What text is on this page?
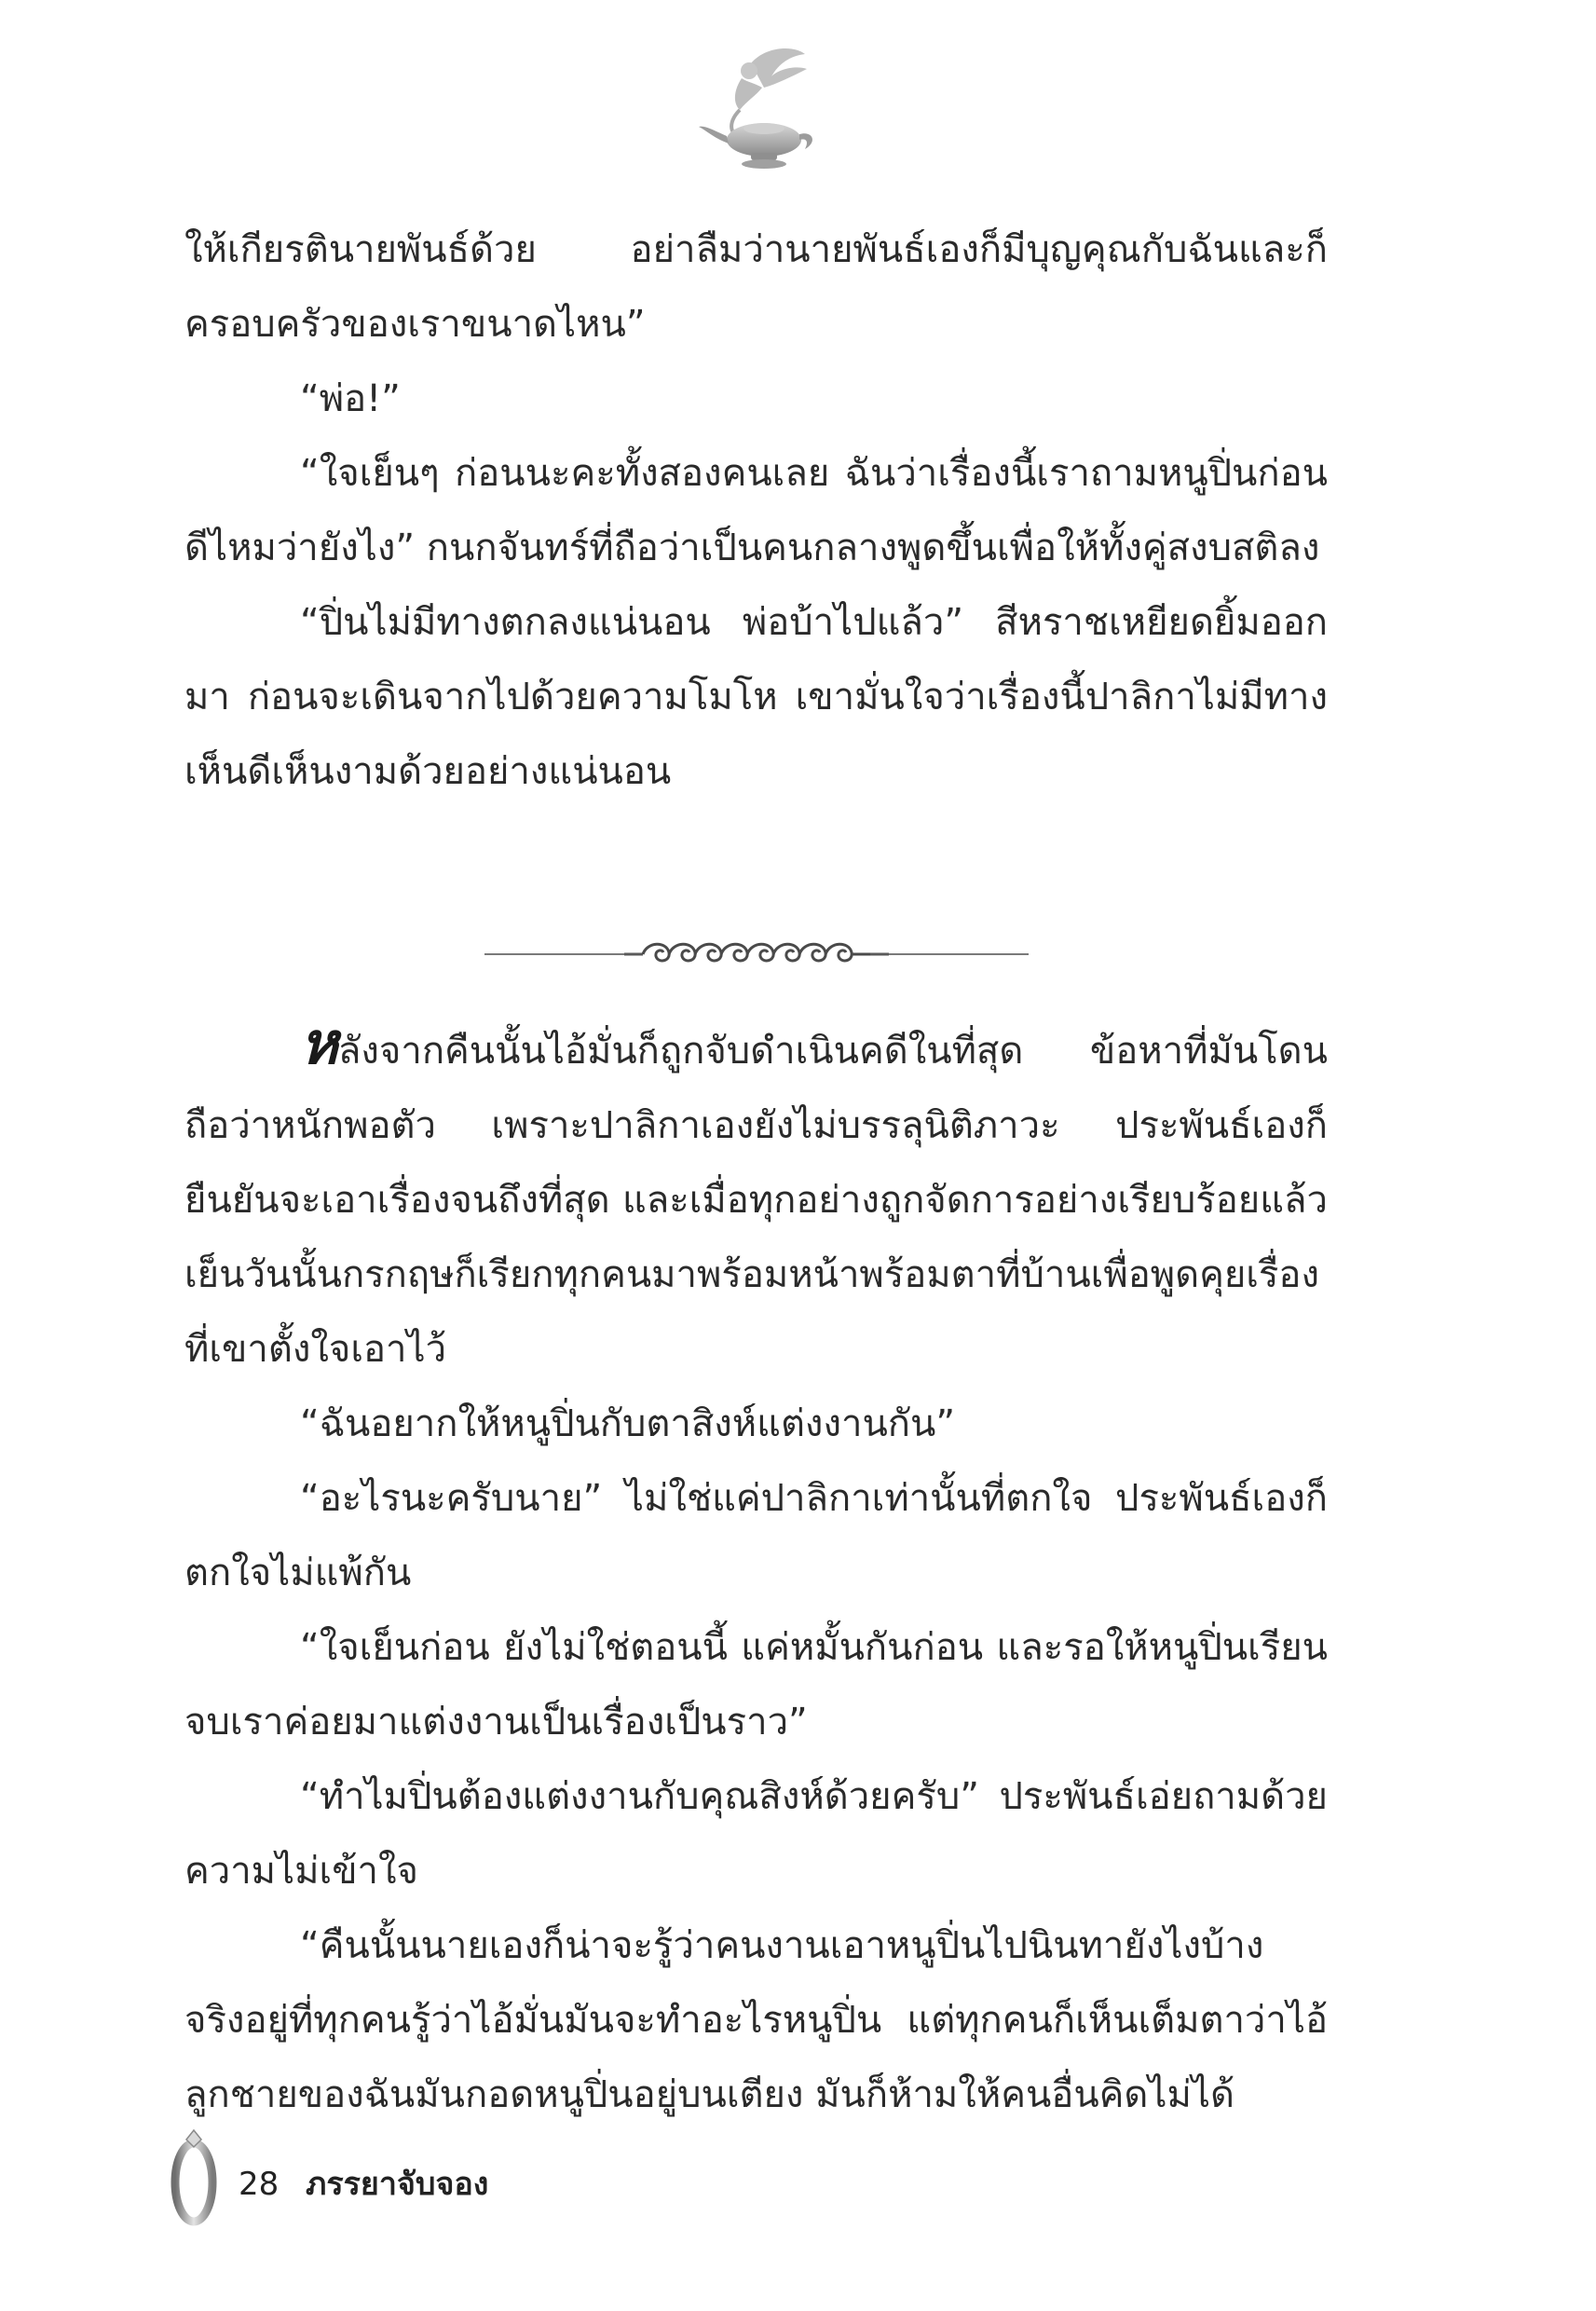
ให้เกียรตินายพันธ์ด้วย อย่าลืมว่านายพันธ์เองก็มีบุญคุณกับฉันและก็ครอบครัวของเราขนาดไหน”

“พ่อ!”

“ใจเย็นๆ ก่อนนะคะทั้งสองคนเลย ฉันว่าเรื่องนี้เราถามหนูปิ่นก่อนดีไหมว่ายังไง” กนกจันทร์ที่ถือว่าเป็นคนกลางพูดขึ้นเพื่อให้ทั้งคู่สงบสติลง

“ปิ่นไม่มีทางตกลงแน่นอน พ่อบ้าไปแล้ว” สีหราชเหยียดยิ้มออกมา ก่อนจะเดินจากไปด้วยความโมโห เขามั่นใจว่าเรื่องนี้ปาลิกาไม่มีทางเห็นดีเห็นงามด้วยอย่างแน่นอน

หลังจากคืนนั้นไอ้มั่นก็ถูกจับดำเนินคดีในที่สุด ข้อหาที่มันโดนถือว่าหนักพอตัว เพราะปาลิกาเองยังไม่บรรลุนิติภาวะ ประพันธ์เองก็ยืนยันจะเอาเรื่องจนถึงที่สุด และเมื่อทุกอย่างถูกจัดการอย่างเรียบร้อยแล้ว เย็นวันนั้นกรกฤษก็เรียกทุกคนมาพร้อมหน้าพร้อมตาที่บ้านเพื่อพูดคุยเรื่องที่เขาตั้งใจเอาไว้

“ฉันอยากให้หนูปิ่นกับตาสิงห์แต่งงานกัน”

“อะไรนะครับนาย” ไม่ใช่แค่ปาลิกาเท่านั้นที่ตกใจ ประพันธ์เองก็ตกใจไม่แพ้กัน

“ใจเย็นก่อน ยังไม่ใช่ตอนนี้ แค่หมั้นกันก่อน และรอให้หนูปิ่นเรียนจบเราค่อยมาแต่งงานเป็นเรื่องเป็นราว”

“ทำไมปิ่นต้องแต่งงานกับคุณสิงห์ด้วยครับ” ประพันธ์เอ่ยถามด้วยความไม่เข้าใจ

“คืนนั้นนายเองก็น่าจะรู้ว่าคนงานเอาหนูปิ่นไปนินทายังไงบ้าง จริงอยู่ที่ทุกคนรู้ว่าไอ้มั่นมันจะทำอะไรหนูปิ่น แต่ทุกคนก็เห็นเต็มตาว่าไอ้ลูกชายของฉันมันกอดหนูปิ่นอยู่บนเตียง มันก็ห้ามให้คนอื่นคิดไม่ได้

28 ภรรยาจับจอง
